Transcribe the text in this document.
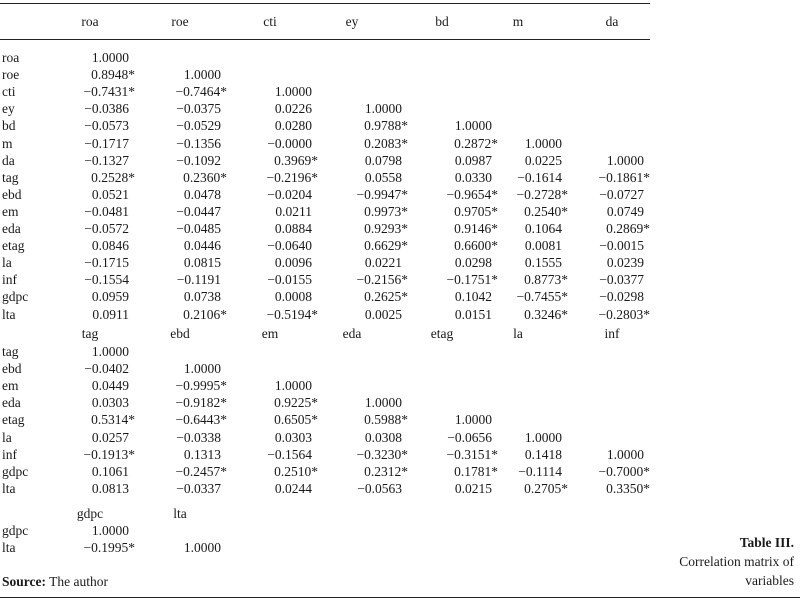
roa	roe	cti	ey	bd	m	da
roa	1.0000
roe	0.8948*	1.0000
cti	−0.7431*	−0.7464*	1.0000
ey	−0.0386	−0.0375	0.0226	1.0000
bd	−0.0573	−0.0529	0.0280	0.9788*	1.0000
m	−0.1717	−0.1356	−0.0000	0.2083*	0.2872*	1.0000
da	−0.1327	−0.1092	0.3969*	0.0798	0.0987	0.0225	1.0000
tag	0.2528*	0.2360*	−0.2196*	0.0558	0.0330	−0.1614	−0.1861*
ebd	0.0521	0.0478	−0.0204	−0.9947*	−0.9654*	−0.2728*	−0.0727
em	−0.0481	−0.0447	0.0211	0.9973*	0.9705*	0.2540*	0.0749
eda	−0.0572	−0.0485	0.0884	0.9293*	0.9146*	0.1064	0.2869*
etag	0.0846	0.0446	−0.0640	0.6629*	0.6600*	0.0081	−0.0015
la	−0.1715	0.0815	0.0096	0.0221	0.0298	0.1555	0.0239
inf	−0.1554	−0.1191	−0.0155	−0.2156*	−0.1751*	0.8773*	−0.0377
gdpc	0.0959	0.0738	0.0008	0.2625*	0.1042	−0.7455*	−0.0298
lta	0.0911	0.2106*	−0.5194*	0.0025	0.0151	0.3246*	−0.2803*
tag	ebd	em	eda	etag	la	inf
tag	1.0000
ebd	−0.0402	1.0000
em	0.0449	−0.9995*	1.0000
eda	0.0303	−0.9182*	0.9225*	1.0000
etag	0.5314*	−0.6443*	0.6505*	0.5988*	1.0000
la	0.0257	−0.0338	0.0303	0.0308	−0.0656	1.0000
inf	−0.1913*	0.1313	−0.1564	−0.3230*	−0.3151*	0.1418	1.0000
gdpc	0.1061	−0.2457*	0.2510*	0.2312*	0.1781*	−0.1114	−0.7000*
lta	0.0813	−0.0337	0.0244	−0.0563	0.0215	0.2705*	0.3350*
gdpc	lta
gdpc	1.0000
lta	−0.1995*	1.0000
Source: The author
Table III.
Correlation matrix of variables
